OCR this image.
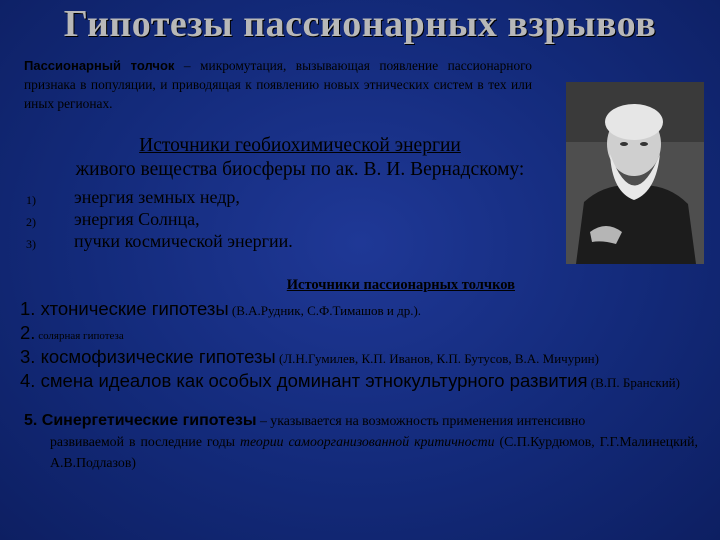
Гипотезы пассионарных взрывов
Пассионарный толчок – микромутация, вызывающая появление пассионарного признака в популяции, и приводящая к появлению новых этнических систем в тех или иных регионах.
Источники геобиохимической энергии
живого вещества биосферы по ак. В. И. Вернадскому:
1) энергия земных недр,
2) энергия Солнца,
3) пучки космической энергии.
Источники пассионарных толчков
1. хтонические гипотезы (В.А.Рудник, С.Ф.Тимашов и др.).
2. солярная гипотеза
3. космофизические гипотезы (Л.Н.Гумилев, К.П. Иванов, К.П. Бутусов, В.А. Мичурин)
4. смена идеалов как особых доминант этнокультурного развития (В.П. Бранский)
5. Синергетические гипотезы – указывается на возможность применения интенсивно
развиваемой в последние годы теории самоорганизованной критичности (С.П.Курдюмов, Г.Г.Малинецкий, А.В.Подлазов)
